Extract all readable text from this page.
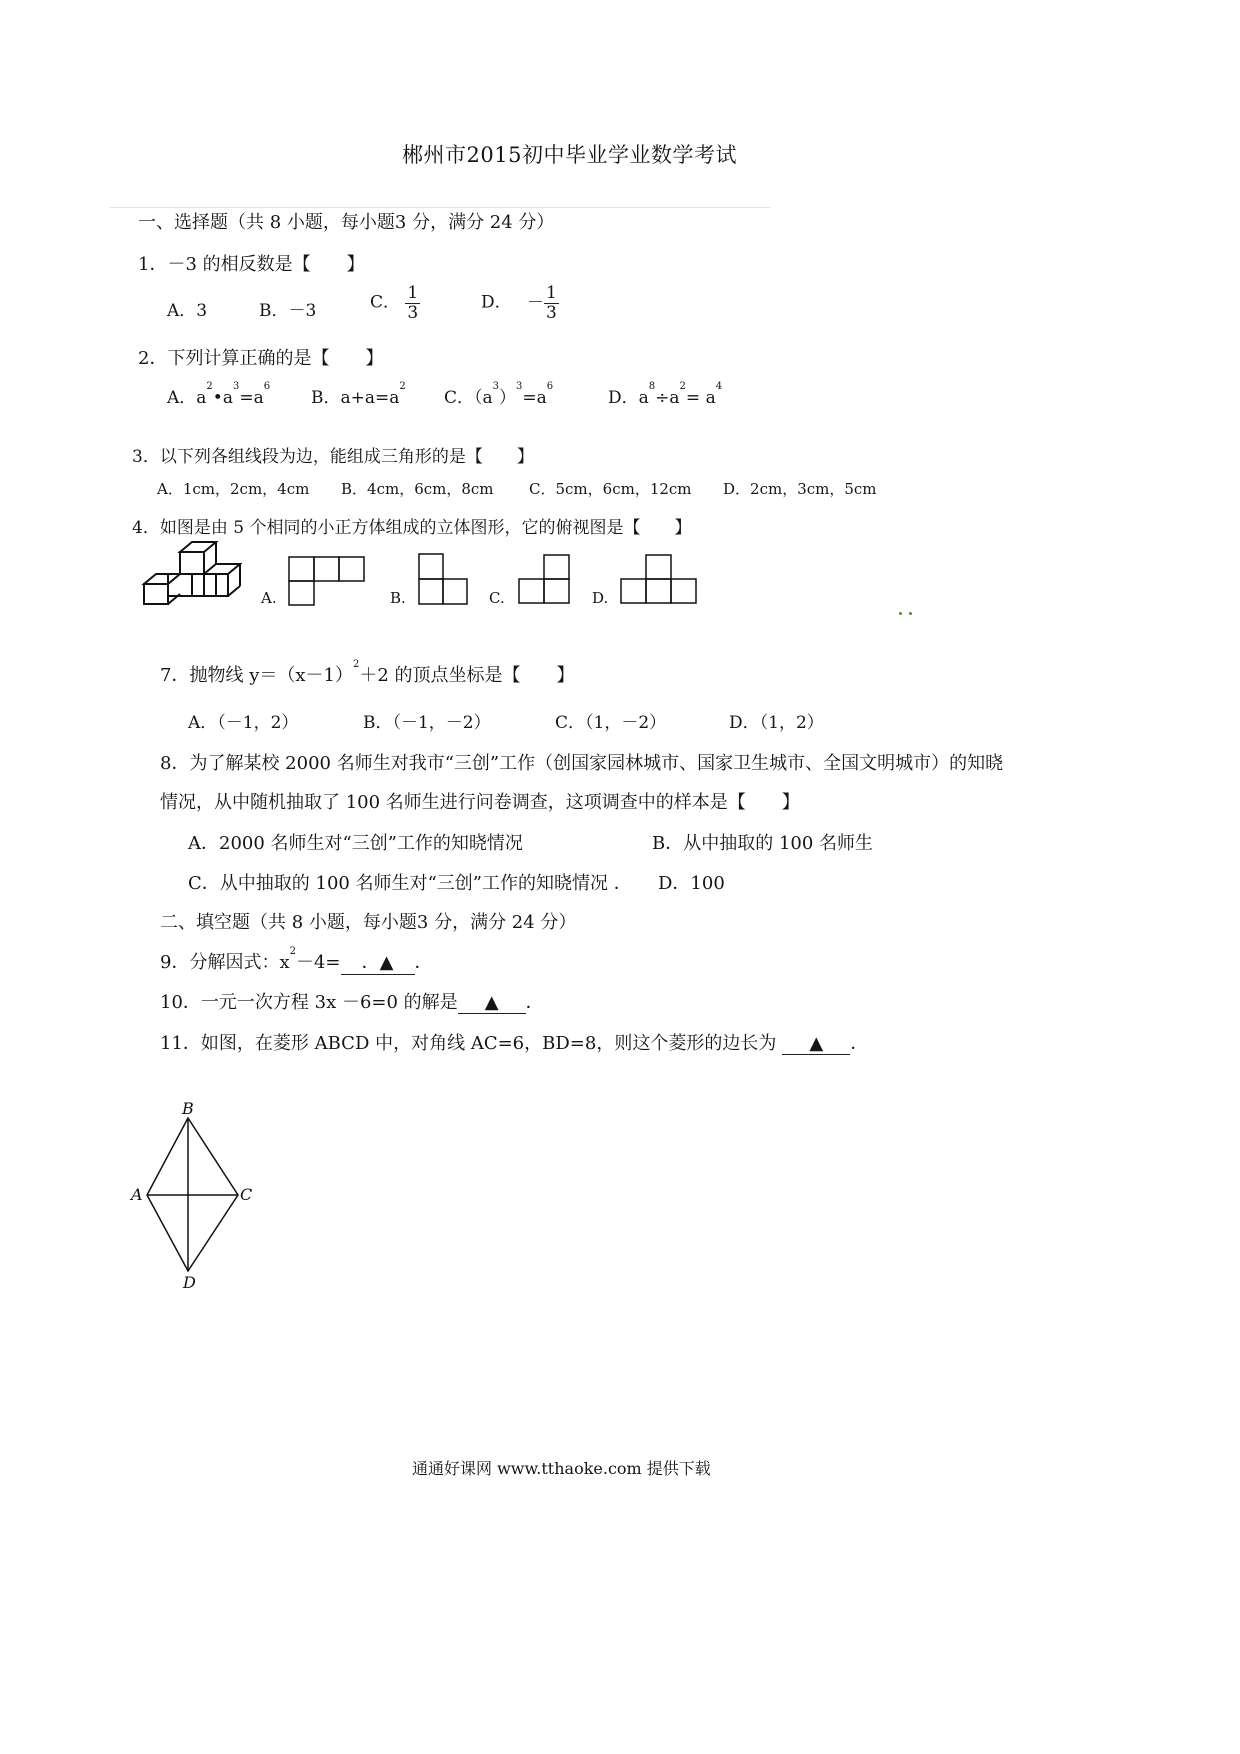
郴州市2015初中毕业学业数学考试
一、选择题（共 8 小题，每小题3 分，满分 24 分）
1．－3 的相反数是【　　】
A．3	B．－3	C． $\frac{1}{3}$	D． － $\frac{1}{3}$
2．下列计算正确的是【　　】
A．$a^2•a^3=a^6$
B．$a+a=a^2$
C．$(a^3)^3=a^6$
D．$a^8\div a^2= a^4$
3．以下列各组线段为边，能组成三角形的是【　　】
A．1cm，2cm，4cm B．4cm，6cm，8cm C．5cm，6cm，12cm D．2cm，3cm，5cm
4．如图是由 5 个相同的小正方体组成的立体图形，它的俯视图是【　　】
A.	B.	C.	D.
7．抛物线 $y=(x-1)^2+2$ 的顶点坐标是【　　】
A．（－1，2）	B．（－1，－2）	C．（1，－2）	D．（1，2）
8．为了解某校 2000 名师生对我市“三创”工作（创国家园林城市、国家卫生城市、全国文明城市）的知晓
情况，从中随机抽取了 100 名师生进行问卷调查，这项调查中的样本是【　　】
A．2000 名师生对“三创”工作的知晓情况	B．从中抽取的 100 名师生
C．从中抽取的 100 名师生对“三创”工作的知晓情况 ． D．100
二、填空题（共 8 小题，每小题3 分，满分 24 分）
9．分解因式：$x^2-4=$ ．▲ ．
10．一元一次方程 3x －6=0 的解是 ▲ ．
11．如图，在菱形 ABCD 中，对角线 AC=6，BD=8，则这个菱形的边长为 ▲ ．
B
A	C
D
通通好课网 www.tthaoke.com 提供下载
